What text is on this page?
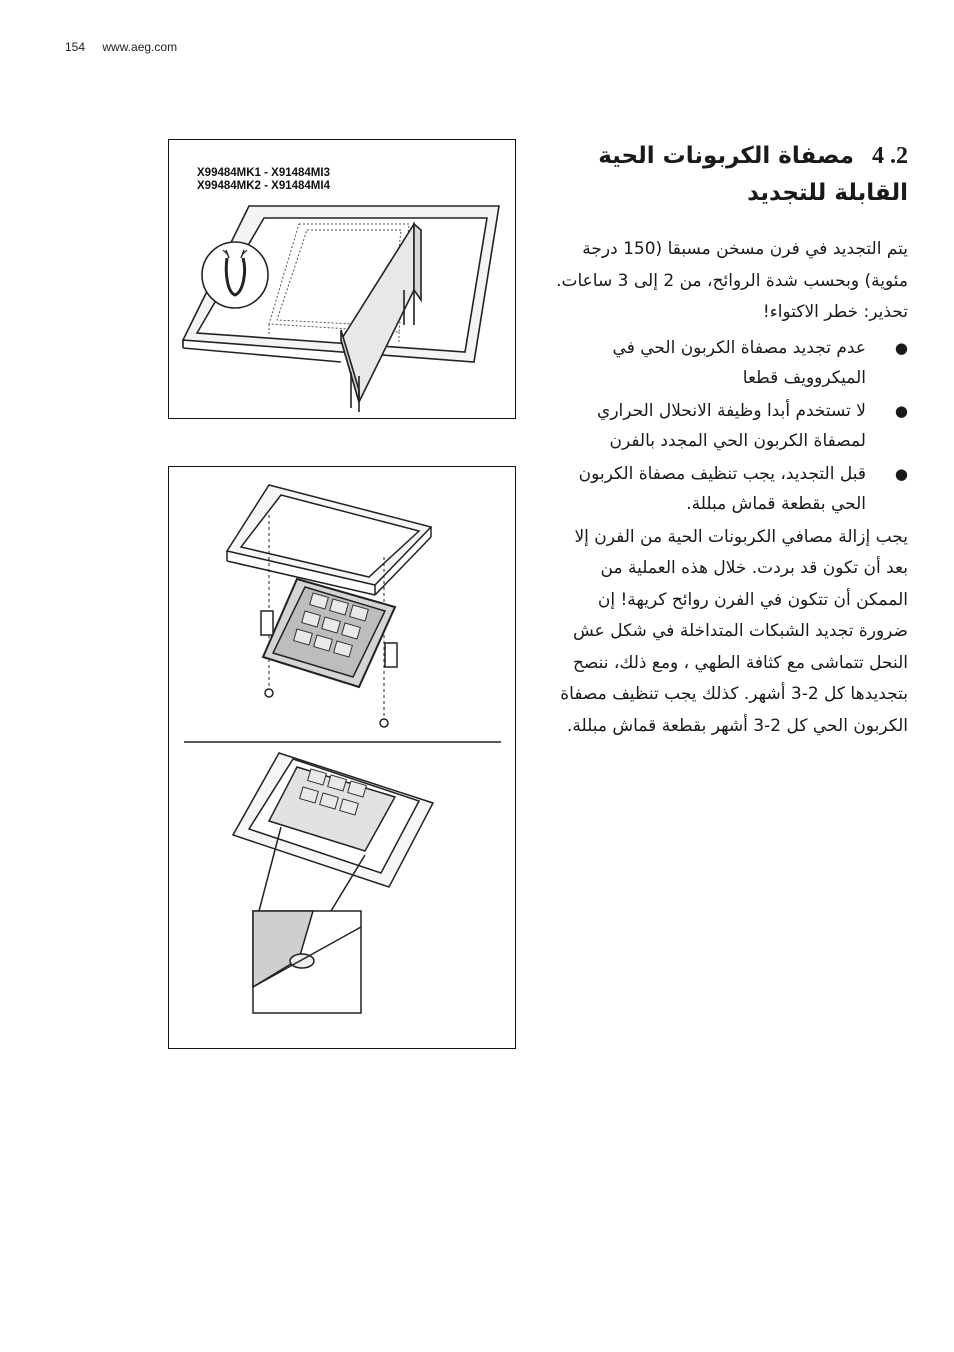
154 www.aeg.com
X99484MK1 - X91484MI3
X99484MK2 - X91484MI4
2. 4 مصفاة الكربونات الحية القابلة للتجديد

يتم التجديد في فرن مسخن مسبقا (150 درجة مئوية) وبحسب شدة الروائح، من 2 إلى 3 ساعات.

تحذير: خطر الاكتواء!

●
عدم تجديد مصفاة الكربون الحي في الميكروويف قطعا
●
لا تستخدم أبدا وظيفة الانحلال الحراري لمصفاة الكربون الحي المجدد بالفرن
●
قبل التجديد، يجب تنظيف مصفاة الكربون الحي بقطعة قماش مبللة.

يجب إزالة مصافي الكربونات الحية من الفرن إلا بعد أن تكون قد بردت. خلال هذه العملية من الممكن أن تتكون في الفرن روائح كريهة! إن ضرورة تجديد الشبكات المتداخلة في شكل عش النحل تتماشى مع كثافة الطهي ، ومع ذلك، ننصح بتجديدها كل 2-3 أشهر. كذلك يجب تنظيف مصفاة الكربون الحي كل 2-3 أشهر بقطعة قماش مبللة.
